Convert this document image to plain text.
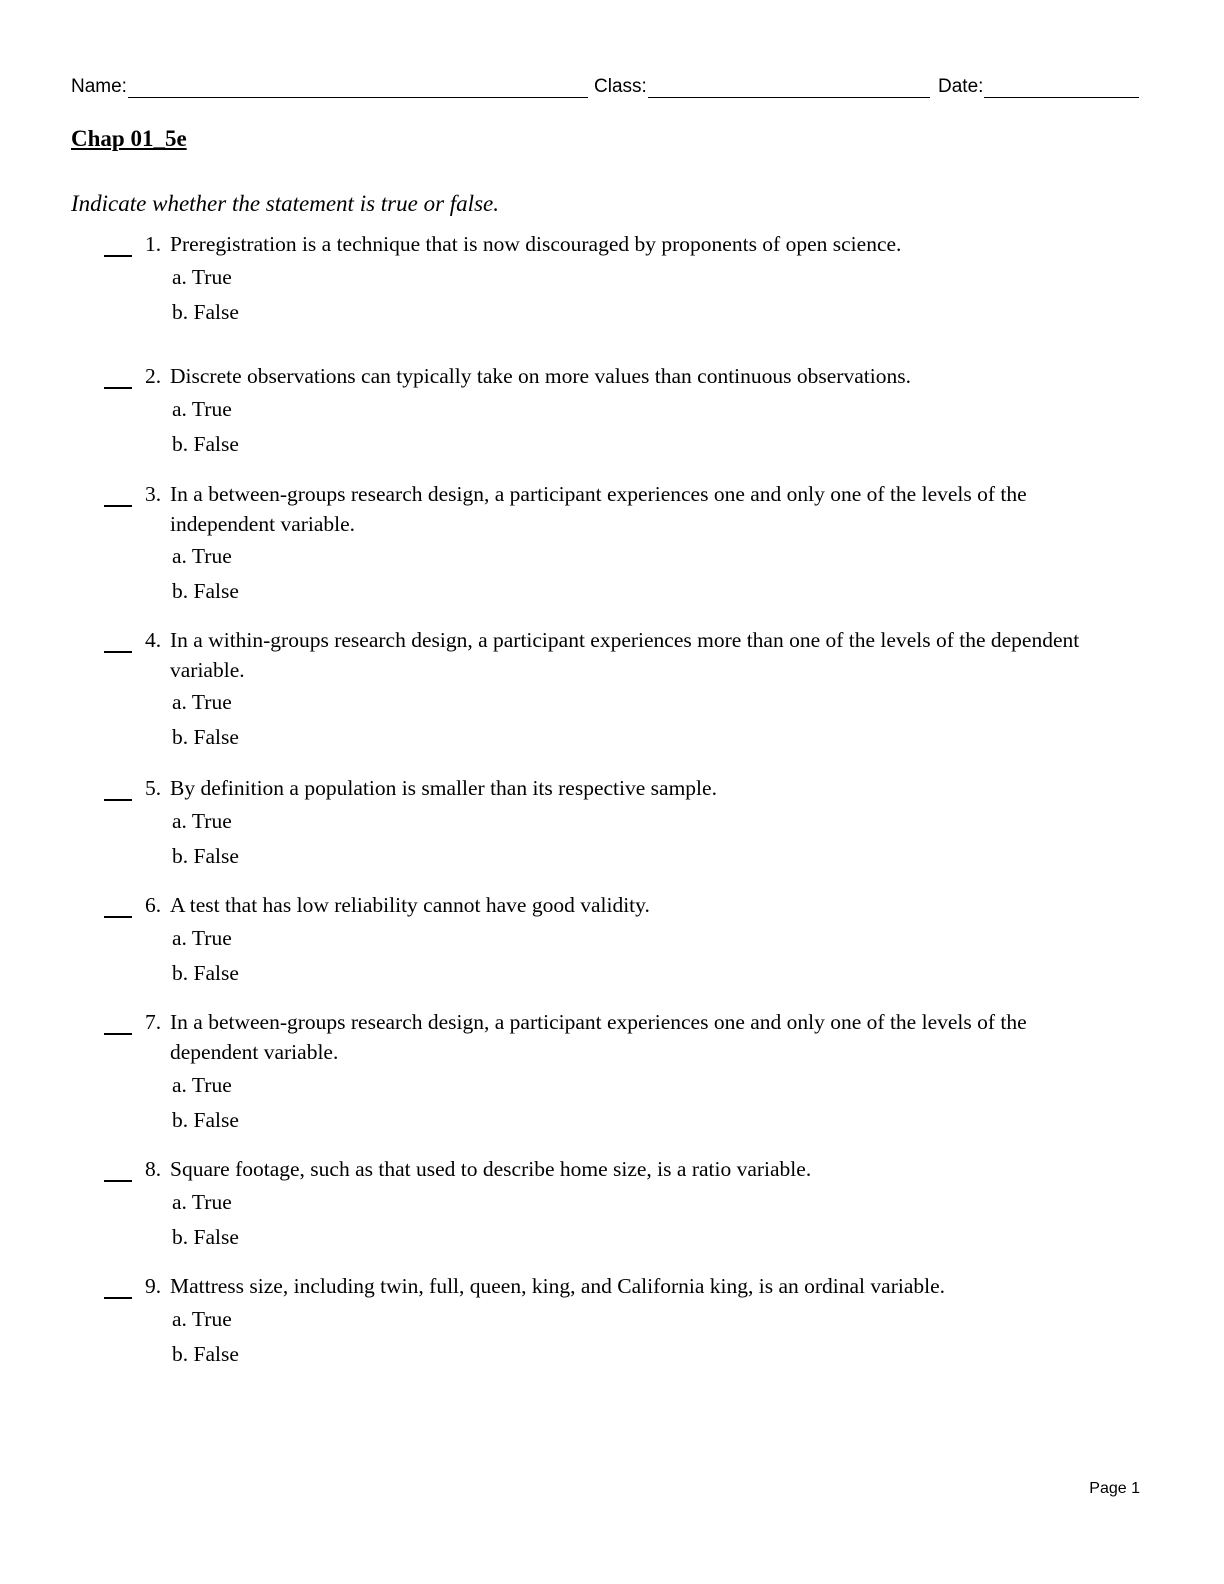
Name:	Class:	Date:
Chap 01_5e
Indicate whether the statement is true or false.
1. Preregistration is a technique that is now discouraged by proponents of open science.
a. True
b. False
2. Discrete observations can typically take on more values than continuous observations.
a. True
b. False
3. In a between-groups research design, a participant experiences one and only one of the levels of the independent variable.
a. True
b. False
4. In a within-groups research design, a participant experiences more than one of the levels of the dependent variable.
a. True
b. False
5. By definition a population is smaller than its respective sample.
a. True
b. False
6. A test that has low reliability cannot have good validity.
a. True
b. False
7. In a between-groups research design, a participant experiences one and only one of the levels of the dependent variable.
a. True
b. False
8. Square footage, such as that used to describe home size, is a ratio variable.
a. True
b. False
9. Mattress size, including twin, full, queen, king, and California king, is an ordinal variable.
a. True
b. False
Page 1
